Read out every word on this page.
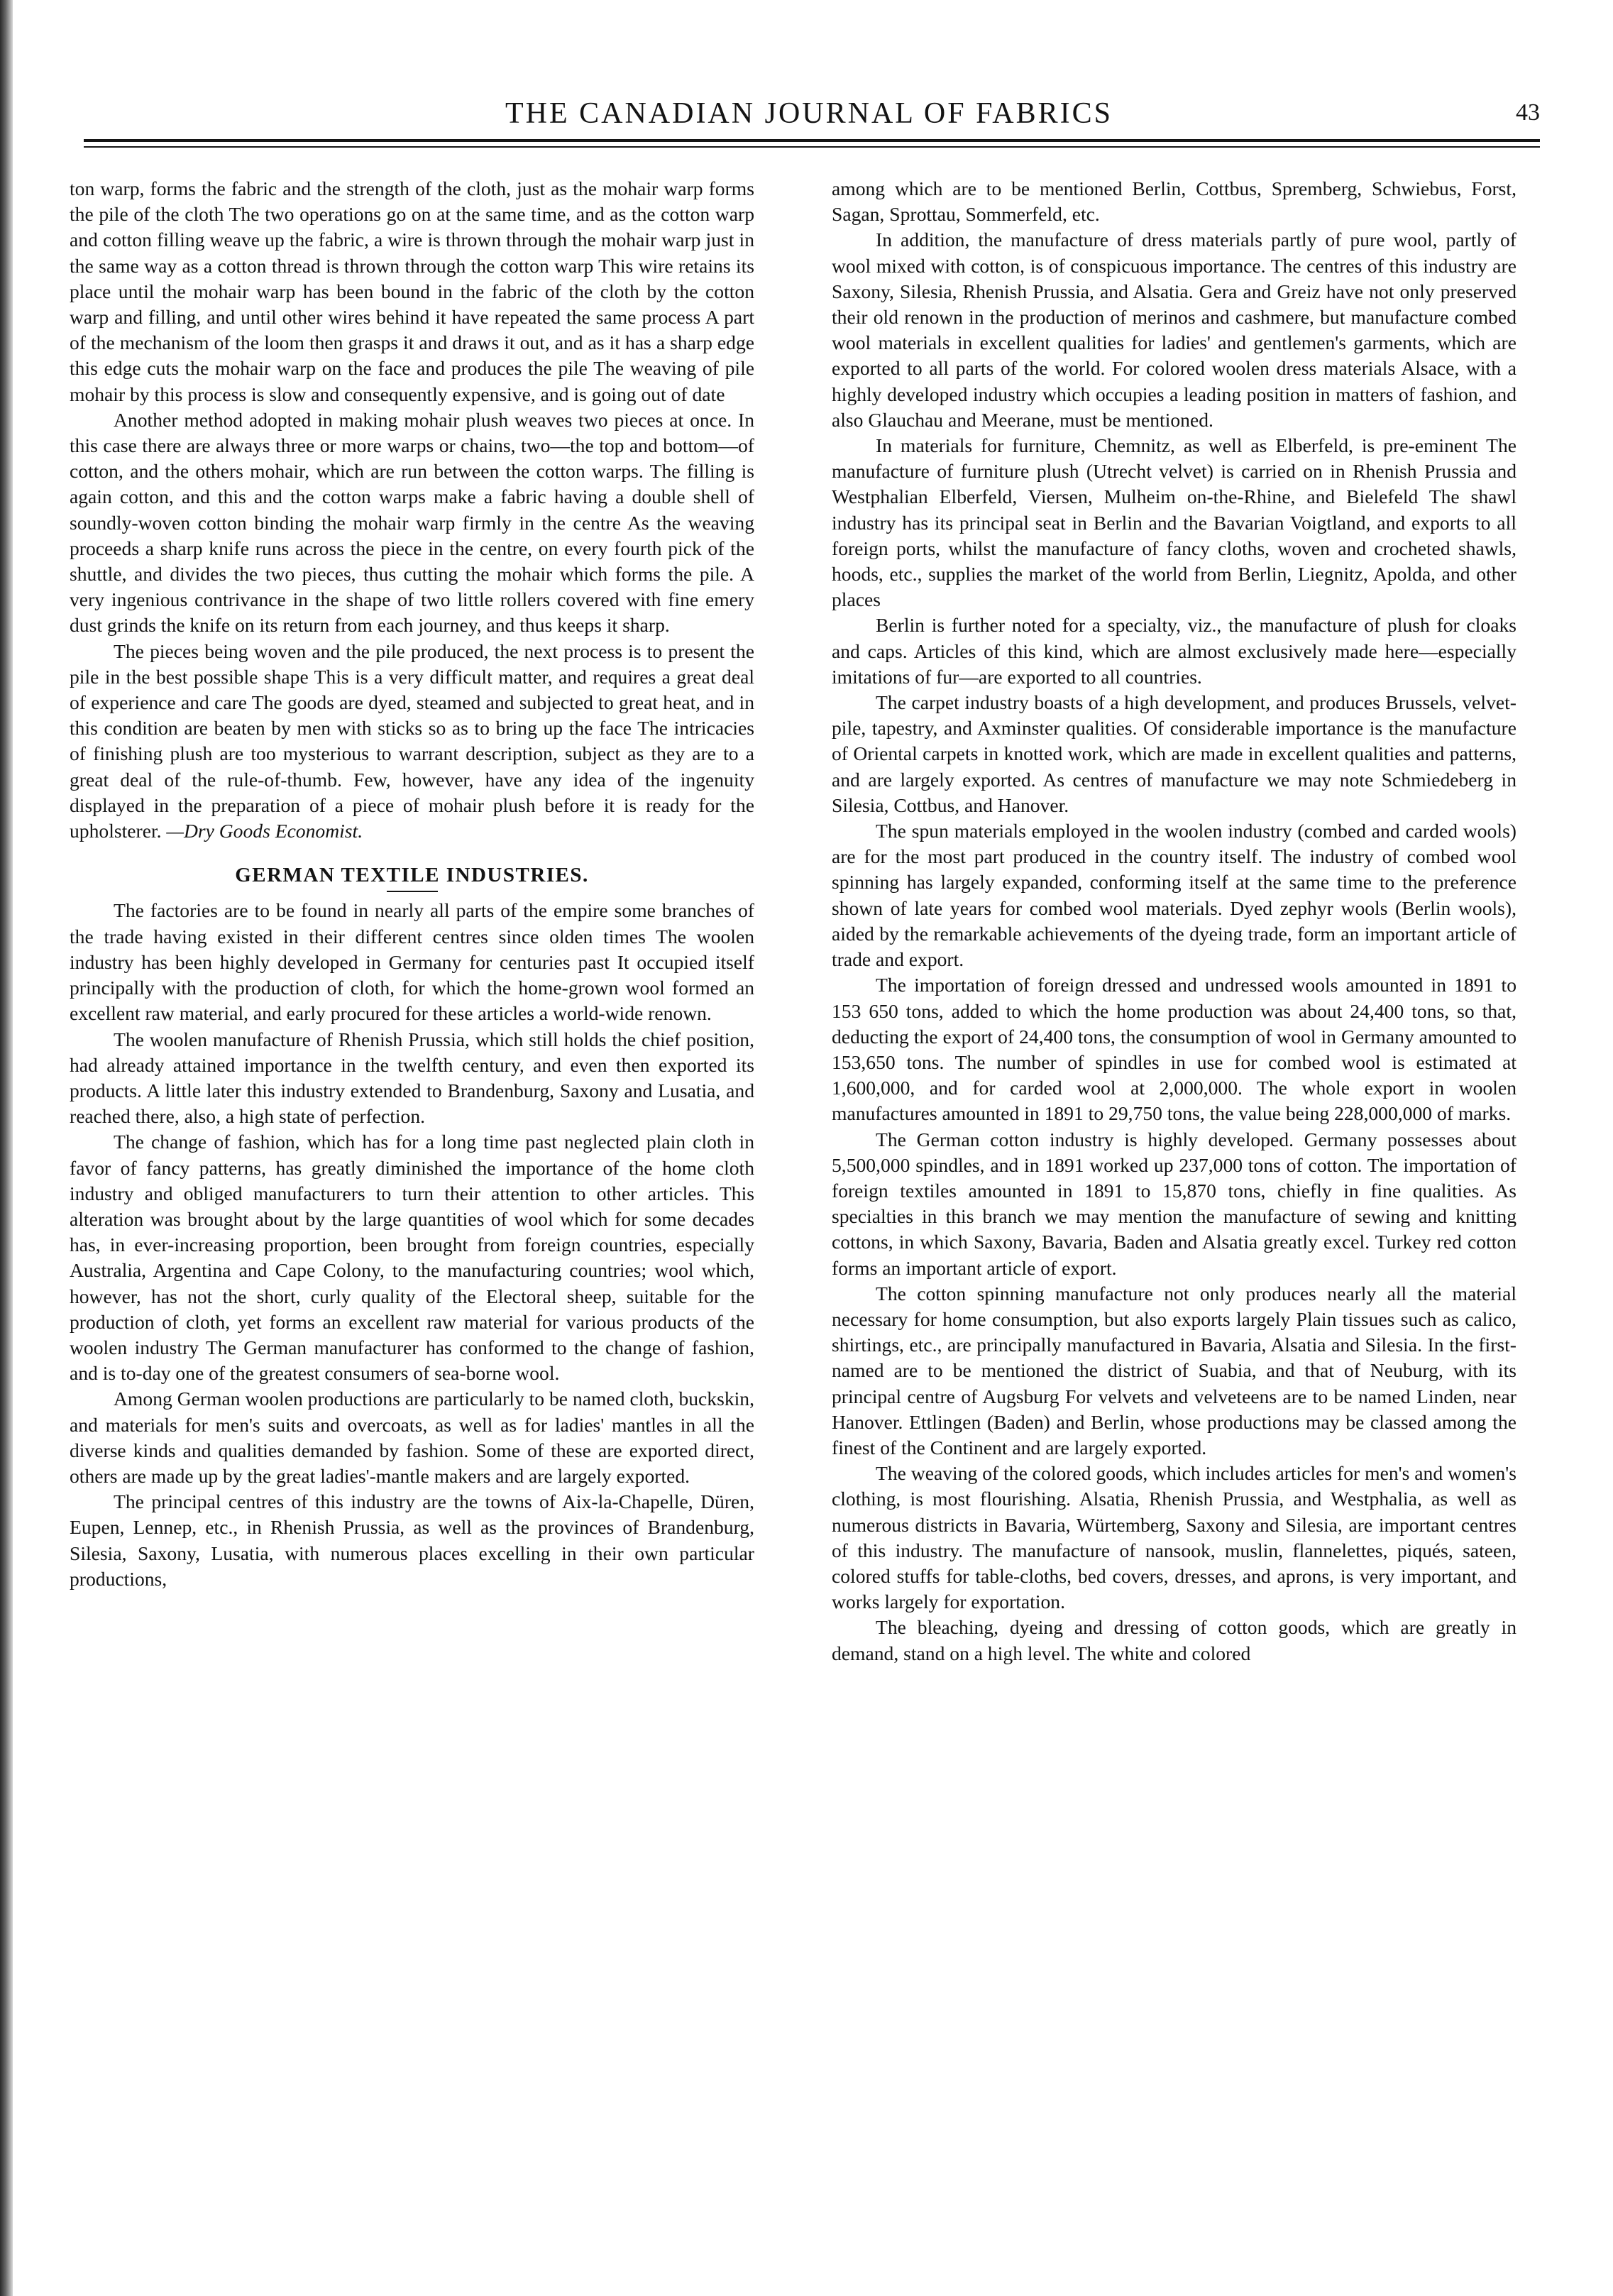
THE CANADIAN JOURNAL OF FABRICS	43

ton warp, forms the fabric and the strength of the cloth, just as the mohair warp forms the pile of the cloth The two operations go on at the same time, and as the cotton warp and cotton filling weave up the fabric, a wire is thrown through the mohair warp just in the same way as a cotton thread is thrown through the cotton warp This wire retains its place until the mohair warp has been bound in the fabric of the cloth by the cotton warp and filling, and until other wires behind it have repeated the same process A part of the mechanism of the loom then grasps it and draws it out, and as it has a sharp edge this edge cuts the mohair warp on the face and produces the pile The weaving of pile mohair by this process is slow and consequently expensive, and is going out of date

Another method adopted in making mohair plush weaves two pieces at once. In this case there are always three or more warps or chains, two—the top and bottom—of cotton, and the others mohair, which are run between the cotton warps. The filling is again cotton, and this and the cotton warps make a fabric having a double shell of soundly-woven cotton binding the mohair warp firmly in the centre As the weaving proceeds a sharp knife runs across the piece in the centre, on every fourth pick of the shuttle, and divides the two pieces, thus cutting the mohair which forms the pile. A very ingenious contrivance in the shape of two little rollers covered with fine emery dust grinds the knife on its return from each journey, and thus keeps it sharp.

The pieces being woven and the pile produced, the next process is to present the pile in the best possible shape This is a very difficult matter, and requires a great deal of experience and care The goods are dyed, steamed and subjected to great heat, and in this condition are beaten by men with sticks so as to bring up the face The intricacies of finishing plush are too mysterious to warrant description, subject as they are to a great deal of the rule-of-thumb. Few, however, have any idea of the ingenuity displayed in the preparation of a piece of mohair plush before it is ready for the upholsterer. —Dry Goods Economist.

GERMAN TEXTILE INDUSTRIES.

The factories are to be found in nearly all parts of the empire some branches of the trade having existed in their different centres since olden times The woolen industry has been highly developed in Germany for centuries past It occupied itself principally with the production of cloth, for which the home-grown wool formed an excellent raw material, and early procured for these articles a world-wide renown.

The woolen manufacture of Rhenish Prussia, which still holds the chief position, had already attained importance in the twelfth century, and even then exported its products. A little later this industry extended to Brandenburg, Saxony and Lusatia, and reached there, also, a high state of perfection.

The change of fashion, which has for a long time past neglected plain cloth in favor of fancy patterns, has greatly diminished the importance of the home cloth industry and obliged manufacturers to turn their attention to other articles. This alteration was brought about by the large quantities of wool which for some decades has, in ever-increasing proportion, been brought from foreign countries, especially Australia, Argentina and Cape Colony, to the manufacturing countries; wool which, however, has not the short, curly quality of the Electoral sheep, suitable for the production of cloth, yet forms an excellent raw material for various products of the woolen industry The German manufacturer has conformed to the change of fashion, and is to-day one of the greatest consumers of sea-borne wool.

Among German woolen productions are particularly to be named cloth, buckskin, and materials for men's suits and overcoats, as well as for ladies' mantles in all the diverse kinds and qualities demanded by fashion. Some of these are exported direct, others are made up by the great ladies'-mantle makers and are largely exported.

The principal centres of this industry are the towns of Aix-la-Chapelle, Düren, Eupen, Lennep, etc., in Rhenish Prussia, as well as the provinces of Brandenburg, Silesia, Saxony, Lusatia, with numerous places excelling in their own particular productions,

among which are to be mentioned Berlin, Cottbus, Spremberg, Schwiebus, Forst, Sagan, Sprottau, Sommerfeld, etc.

In addition, the manufacture of dress materials partly of pure wool, partly of wool mixed with cotton, is of conspicuous importance. The centres of this industry are Saxony, Silesia, Rhenish Prussia, and Alsatia. Gera and Greiz have not only preserved their old renown in the production of merinos and cashmere, but manufacture combed wool materials in excellent qualities for ladies' and gentlemen's garments, which are exported to all parts of the world. For colored woolen dress materials Alsace, with a highly developed industry which occupies a leading position in matters of fashion, and also Glauchau and Meerane, must be mentioned.

In materials for furniture, Chemnitz, as well as Elberfeld, is pre-eminent The manufacture of furniture plush (Utrecht velvet) is carried on in Rhenish Prussia and Westphalian Elberfeld, Viersen, Mulheim on-the-Rhine, and Bielefeld The shawl industry has its principal seat in Berlin and the Bavarian Voigtland, and exports to all foreign ports, whilst the manufacture of fancy cloths, woven and crocheted shawls, hoods, etc., supplies the market of the world from Berlin, Liegnitz, Apolda, and other places

Berlin is further noted for a specialty, viz., the manufacture of plush for cloaks and caps. Articles of this kind, which are almost exclusively made here—especially imitations of fur—are exported to all countries.

The carpet industry boasts of a high development, and produces Brussels, velvet-pile, tapestry, and Axminster qualities. Of considerable importance is the manufacture of Oriental carpets in knotted work, which are made in excellent qualities and patterns, and are largely exported. As centres of manufacture we may note Schmiedeberg in Silesia, Cottbus, and Hanover.

The spun materials employed in the woolen industry (combed and carded wools) are for the most part produced in the country itself. The industry of combed wool spinning has largely expanded, conforming itself at the same time to the preference shown of late years for combed wool materials. Dyed zephyr wools (Berlin wools), aided by the remarkable achievements of the dyeing trade, form an important article of trade and export.

The importation of foreign dressed and undressed wools amounted in 1891 to 153 650 tons, added to which the home production was about 24,400 tons, so that, deducting the export of 24,400 tons, the consumption of wool in Germany amounted to 153,650 tons. The number of spindles in use for combed wool is estimated at 1,600,000, and for carded wool at 2,000,000. The whole export in woolen manufactures amounted in 1891 to 29,750 tons, the value being 228,000,000 of marks.

The German cotton industry is highly developed. Germany possesses about 5,500,000 spindles, and in 1891 worked up 237,000 tons of cotton. The importation of foreign textiles amounted in 1891 to 15,870 tons, chiefly in fine qualities. As specialties in this branch we may mention the manufacture of sewing and knitting cottons, in which Saxony, Bavaria, Baden and Alsatia greatly excel. Turkey red cotton forms an important article of export.

The cotton spinning manufacture not only produces nearly all the material necessary for home consumption, but also exports largely Plain tissues such as calico, shirtings, etc., are principally manufactured in Bavaria, Alsatia and Silesia. In the first-named are to be mentioned the district of Suabia, and that of Neuburg, with its principal centre of Augsburg For velvets and velveteens are to be named Linden, near Hanover. Ettlingen (Baden) and Berlin, whose productions may be classed among the finest of the Continent and are largely exported.

The weaving of the colored goods, which includes articles for men's and women's clothing, is most flourishing. Alsatia, Rhenish Prussia, and Westphalia, as well as numerous districts in Bavaria, Würtemberg, Saxony and Silesia, are important centres of this industry. The manufacture of nansook, muslin, flannelettes, piqués, sateen, colored stuffs for table-cloths, bed covers, dresses, and aprons, is very important, and works largely for exportation.

The bleaching, dyeing and dressing of cotton goods, which are greatly in demand, stand on a high level. The white and colored
